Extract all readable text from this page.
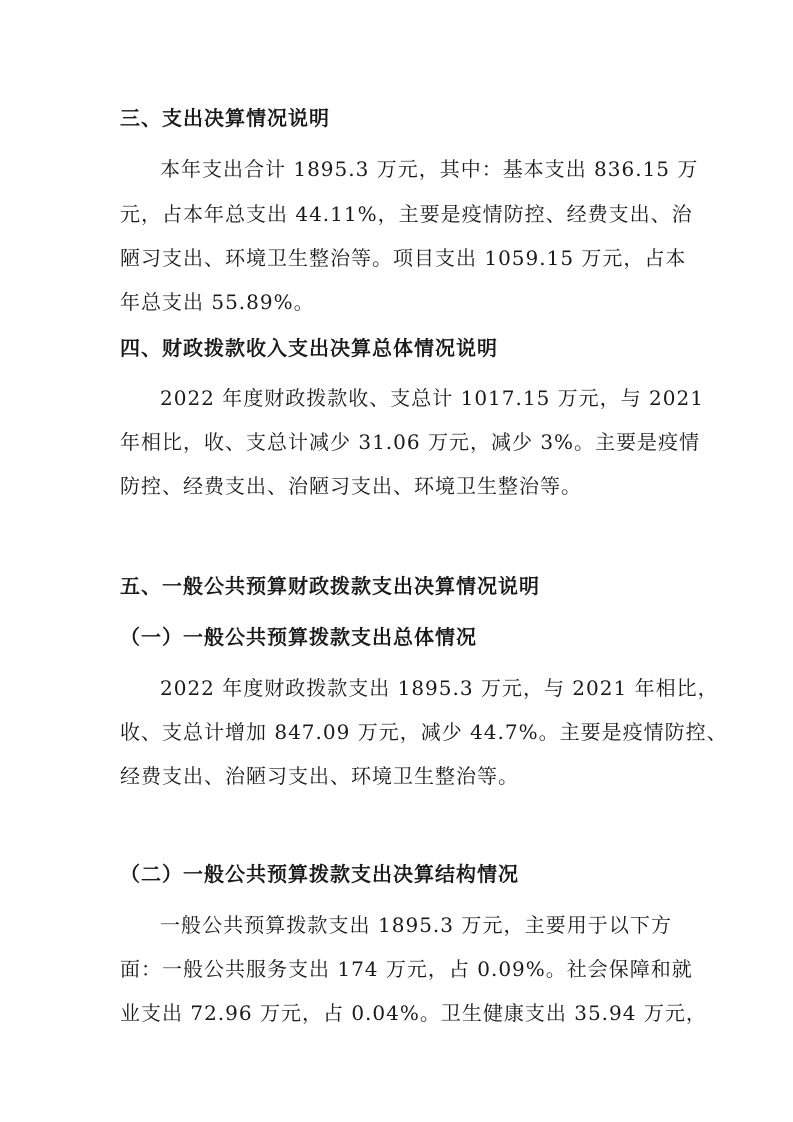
三、支出决算情况说明
本年支出合计 1895.3 万元，其中：基本支出 836.15 万
元，占本年总支出 44.11%，主要是疫情防控、经费支出、治
陋习支出、环境卫生整治等。项目支出 1059.15 万元，占本
年总支出 55.89%。
四、财政拨款收入支出决算总体情况说明
2022 年度财政拨款收、支总计 1017.15 万元，与 2021
年相比，收、支总计减少 31.06 万元，减少 3%。主要是疫情
防控、经费支出、治陋习支出、环境卫生整治等。
五、一般公共预算财政拨款支出决算情况说明
（一）一般公共预算拨款支出总体情况
2022 年度财政拨款支出 1895.3 万元，与 2021 年相比，
收、支总计增加 847.09 万元，减少 44.7%。主要是疫情防控、
经费支出、治陋习支出、环境卫生整治等。
（二）一般公共预算拨款支出决算结构情况
一般公共预算拨款支出 1895.3 万元，主要用于以下方
面：一般公共服务支出 174 万元，占 0.09%。社会保障和就
业支出 72.96 万元，占 0.04%。卫生健康支出 35.94 万元，
